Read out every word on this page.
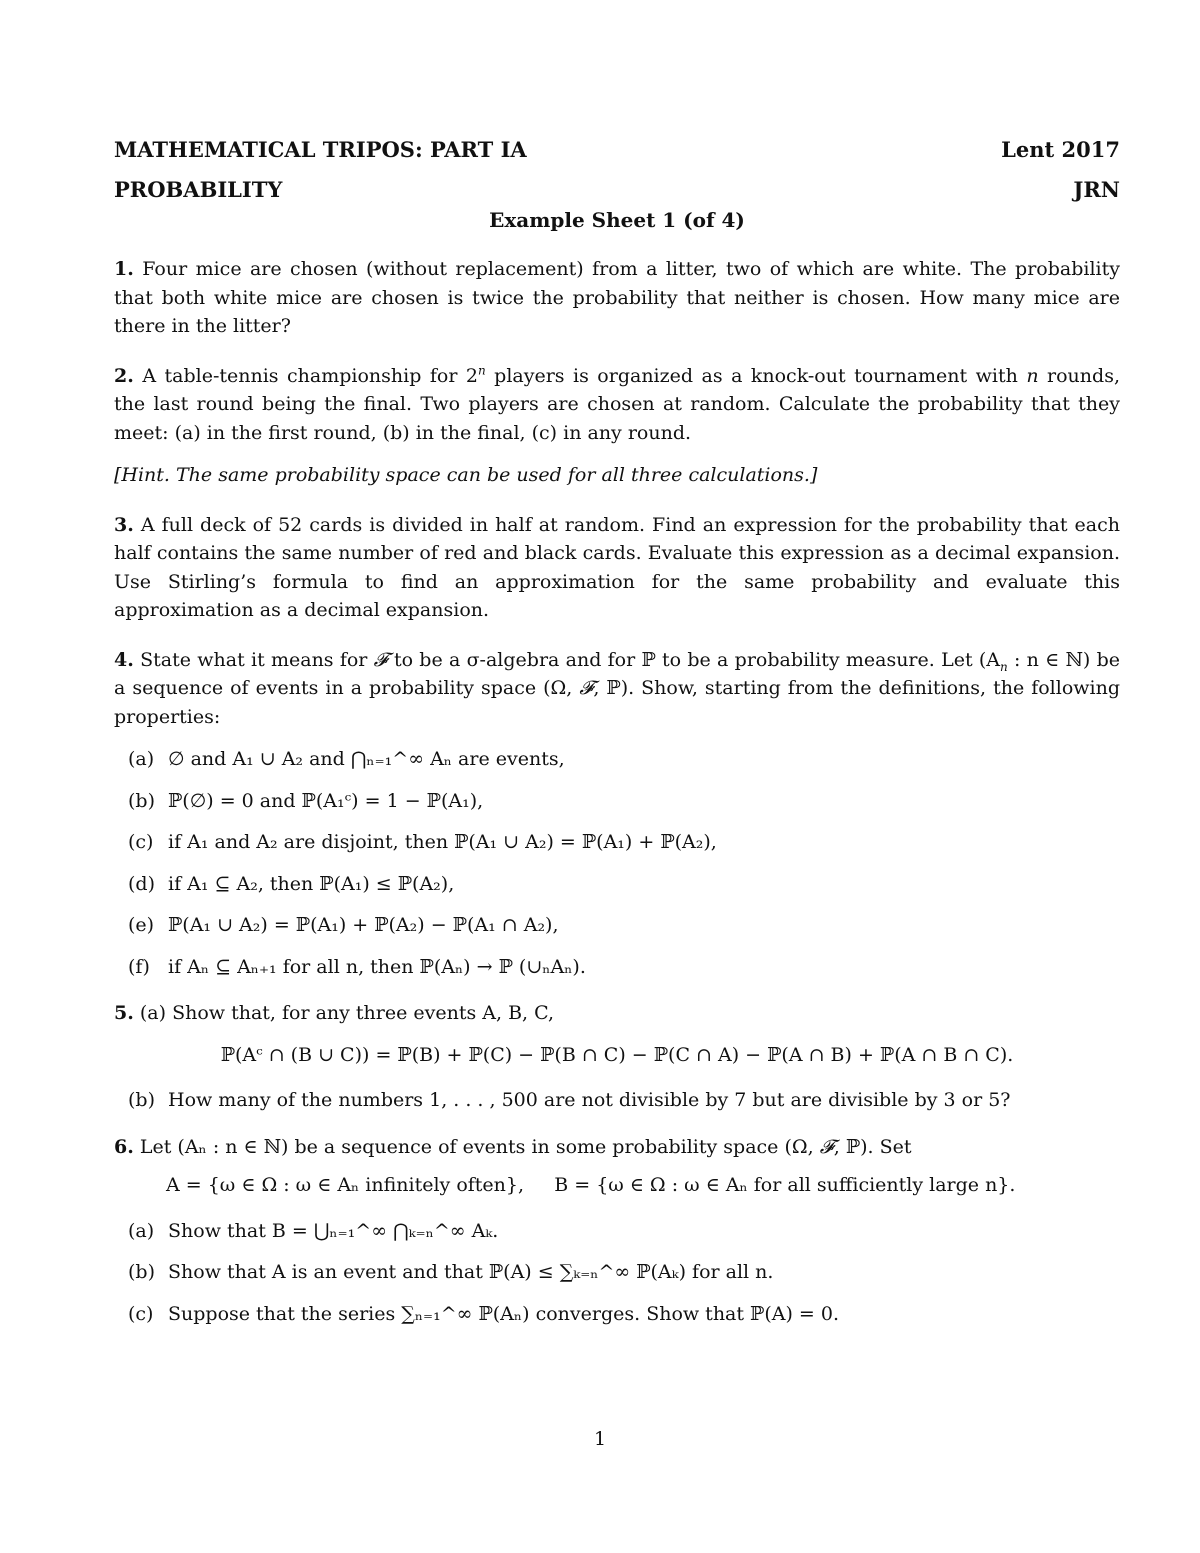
MATHEMATICAL TRIPOS: PART IA	Lent 2017
PROBABILITY	JRN
Example Sheet 1 (of 4)

1. Four mice are chosen (without replacement) from a litter, two of which are white. The probability that both white mice are chosen is twice the probability that neither is chosen. How many mice are there in the litter?

2. A table-tennis championship for 2$^n$ players is organized as a knock-out tournament with n rounds, the last round being the final. Two players are chosen at random. Calculate the probability that they meet: (a) in the first round, (b) in the final, (c) in any round.

[Hint. The same probability space can be used for all three calculations.]

3. A full deck of 52 cards is divided in half at random. Find an expression for the probability that each half contains the same number of red and black cards. Evaluate this expression as a decimal expansion. Use Stirling’s formula to find an approximation for the same probability and evaluate this approximation as a decimal expansion.

4. State what it means for 𝓕 to be a σ-algebra and for ℙ to be a probability measure. Let ($A_n$ : n ∈ ℕ) be a sequence of events in a probability space (Ω, 𝓕, ℙ). Show, starting from the definitions, the following properties:

(a) ∅ and A₁ ∪ A₂ and ⋂ₙ₌₁^∞ Aₙ are events,

(b) ℙ(∅) = 0 and ℙ(A₁ᶜ) = 1 − ℙ(A₁),

(c) if A₁ and A₂ are disjoint, then ℙ(A₁ ∪ A₂) = ℙ(A₁) + ℙ(A₂),

(d) if A₁ ⊆ A₂, then ℙ(A₁) ≤ ℙ(A₂),

(e) ℙ(A₁ ∪ A₂) = ℙ(A₁) + ℙ(A₂) − ℙ(A₁ ∩ A₂),

(f) if Aₙ ⊆ Aₙ₊₁ for all n, then ℙ(Aₙ) → ℙ (∪ₙAₙ).

5. (a) Show that, for any three events A, B, C,

ℙ(Aᶜ ∩ (B ∪ C)) = ℙ(B) + ℙ(C) − ℙ(B ∩ C) − ℙ(C ∩ A) − ℙ(A ∩ B) + ℙ(A ∩ B ∩ C).

(b) How many of the numbers 1, . . . , 500 are not divisible by 7 but are divisible by 3 or 5?

6. Let (Aₙ : n ∈ ℕ) be a sequence of events in some probability space (Ω, 𝓕, ℙ). Set

A = {ω ∈ Ω : ω ∈ Aₙ infinitely often},     B = {ω ∈ Ω : ω ∈ Aₙ for all sufficiently large n}.

(a) Show that B = ⋃ₙ₌₁^∞ ⋂ₖ₌ₙ^∞ Aₖ.

(b) Show that A is an event and that ℙ(A) ≤ ∑ₖ₌ₙ^∞ ℙ(Aₖ) for all n.

(c) Suppose that the series ∑ₙ₌₁^∞ ℙ(Aₙ) converges. Show that ℙ(A) = 0.

1
